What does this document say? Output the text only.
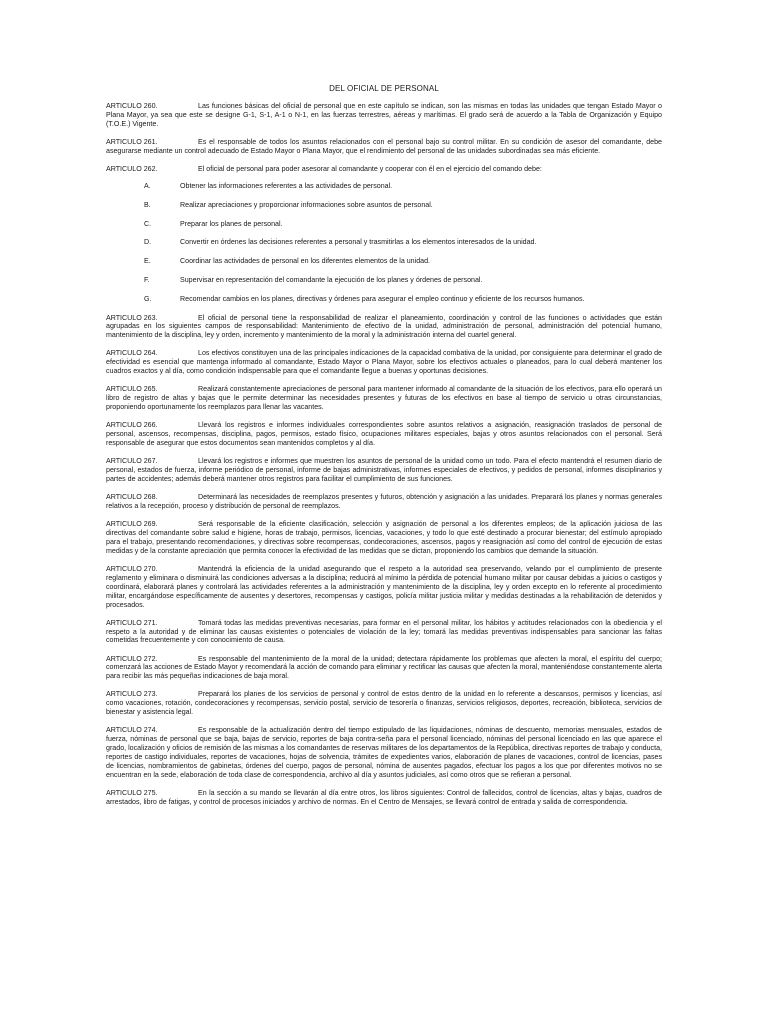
DEL OFICIAL DE PERSONAL
ARTICULO 260.	Las funciones básicas del oficial de personal que en este capítulo se indican, son las mismas en todas las unidades que tengan Estado Mayor o Plana Mayor, ya sea que este se designe G-1, S-1, A-1 o N-1, en las fuerzas terrestres, aéreas y marítimas. El grado será de acuerdo a la Tabla de Organización y Equipo (T.O.E.) Vigente.
ARTICULO 261.	Es el responsable de todos los asuntos relacionados con el personal bajo su control militar. En su condición de asesor del comandante, debe asegurarse mediante un control adecuado de Estado Mayor o Plana Mayor, que el rendimiento del personal de las unidades subordinadas sea más eficiente.
ARTICULO 262.	El oficial de personal para poder asesorar al comandante y cooperar con él en el ejercicio del comando debe:
A.	Obtener las informaciones referentes a las actividades de personal.
B.	Realizar apreciaciones y proporcionar informaciones sobre asuntos de personal.
C.	Preparar los planes de personal.
D.	Convertir en órdenes las decisiones referentes a personal y trasmitirlas a los elementos interesados de la unidad.
E.	Coordinar las actividades de personal en los diferentes elementos de la unidad.
F.	Supervisar en representación del comandante la ejecución de los planes y órdenes de personal.
G.	Recomendar cambios en los planes, directivas y órdenes para asegurar el empleo continuo y eficiente de los recursos humanos.
ARTICULO 263.	El oficial de personal tiene la responsabilidad de realizar el planeamiento, coordinación y control de las funciones o actividades que están agrupadas en los siguientes campos de responsabilidad: Mantenimiento de efectivo de la unidad, administración de personal, administración del potencial humano, mantenimiento de la disciplina, ley y orden, incremento y mantenimiento de la moral y la administración interna del cuartel general.
ARTICULO 264.	Los efectivos constituyen una de las principales indicaciones de la capacidad combativa de la unidad, por consiguiente para determinar el grado de efectividad es esencial que mantenga informado al comandante, Estado Mayor o Plana Mayor, sobre los efectivos actuales o planeados, para lo cual deberá mantener los cuadros exactos y al día, como condición indispensable para que el comandante llegue a buenas y oportunas decisiones.
ARTICULO 265.	Realizará constantemente apreciaciones de personal para mantener informado al comandante de la situación de los efectivos, para ello operará un libro de registro de altas y bajas que le permite determinar las necesidades presentes y futuras de los efectivos en base al tiempo de servicio u otras circunstancias, proponiendo oportunamente los reemplazos para llenar las vacantes.
ARTICULO 266.	Llevará los registros e informes individuales correspondientes sobre asuntos relativos a asignación, reasignación traslados de personal de personal, ascensos, recompensas, disciplina, pagos, permisos, estado físico, ocupaciones militares especiales, bajas y otros asuntos relacionados con el personal. Será responsable de asegurar que estos documentos sean mantenidos completos y al día.
ARTICULO 267.	Llevará los registros e informes que muestren los asuntos de personal de la unidad como un todo. Para el efecto mantendrá el resumen diario de personal, estados de fuerza, informe periódico de personal, informe de bajas administrativas, informes especiales de efectivos, y pedidos de personal, informes disciplinarios y partes de accidentes; además deberá mantener otros registros para facilitar el cumplimiento de sus funciones.
ARTICULO 268.	Determinará las necesidades de reemplazos presentes y futuros, obtención y asignación a las unidades. Preparará los planes y normas generales relativos a la recepción, proceso y distribución de personal de reemplazos.
ARTICULO 269.	Será responsable de la eficiente clasificación, selección y asignación de personal a los diferentes empleos; de la aplicación juiciosa de las directivas del comandante sobre salud e higiene, horas de trabajo, permisos, licencias, vacaciones, y todo lo que esté destinado a procurar bienestar; del estímulo apropiado para el trabajo, presentando recomendaciones, y directivas sobre recompensas, condecoraciones, ascensos, pagos y reasignación así como del control de ejecución de estas medidas y de la constante apreciación que permita conocer la efectividad de las medidas que se dictan, proponiendo los cambios que demande la situación.
ARTICULO 270.	Mantendrá la eficiencia de la unidad asegurando que el respeto a la autoridad sea preservando, velando por el cumplimiento de presente reglamento y eliminara o disminuirá las condiciones adversas a la disciplina; reducirá al mínimo la pérdida de potencial humano militar por causar debidas a juicios o castigos y coordinará, elaborará planes y controlará las actividades referentes a la administración y mantenimiento de la disciplina, ley y orden excepto en lo referente al procedimiento militar, encargándose específicamente de ausentes y desertores, recompensas y castigos, policía militar justicia militar y medidas destinadas a la rehabilitación de detenidos y procesados.
ARTICULO 271.	Tomará todas las medidas preventivas necesarias, para formar en el personal militar, los hábitos y actitudes relacionados con la obediencia y el respeto a la autoridad y de eliminar las causas existentes o potenciales de violación de la ley; tomará las medidas preventivas indispensables para sancionar las faltas cometidas frecuentemente y con conocimiento de causa.
ARTICULO 272.	Es responsable del mantenimiento de la moral de la unidad; detectara rápidamente los problemas que afecten la moral, el espíritu del cuerpo; comenzará las acciones de Estado Mayor y recomendará la acción de comando para eliminar y rectificar las causas que afecten la moral, manteniéndose constantemente alerta para recibir las más pequeñas indicaciones de baja moral.
ARTICULO 273.	Preparará los planes de los servicios de personal y control de estos dentro de la unidad en lo referente a descansos, permisos y licencias, así como vacaciones, rotación, condecoraciones y recompensas, servicio postal, servicio de tesorería o finanzas, servicios religiosos, deportes, recreación, biblioteca, servicios de bienestar y asistencia legal.
ARTICULO 274.	Es responsable de la actualización dentro del tiempo estipulado de las liquidaciones, nóminas de descuento, memorias mensuales, estados de fuerza, nóminas de personal que se baja, bajas de servicio, reportes de baja contra-seña para el personal licenciado, nóminas del personal licenciado en las que aparece el grado, localización y oficios de remisión de las mismas a los comandantes de reservas militares de los departamentos de la República, directivas reportes de trabajo y conducta, reportes de castigo individuales, reportes de vacaciones, hojas de solvencia, trámites de expedientes varios, elaboración de planes de vacaciones, control de licencias, pases de licencias, nombramientos de gabinetas, órdenes del cuerpo, pagos de personal, nómina de ausentes pagados, efectuar los pagos a los que por diferentes motivos no se encuentran en la sede, elaboración de toda clase de correspondencia, archivo al día y asuntos judiciales, así como otros que se refieran a personal.
ARTICULO 275.	En la sección a su mando se llevarán al día entre otros, los libros siguientes: Control de fallecidos, control de licencias, altas y bajas, cuadros de arrestados, libro de fatigas, y control de procesos iniciados y archivo de normas. En el Centro de Mensajes, se llevará control de entrada y salida de correspondencia.
